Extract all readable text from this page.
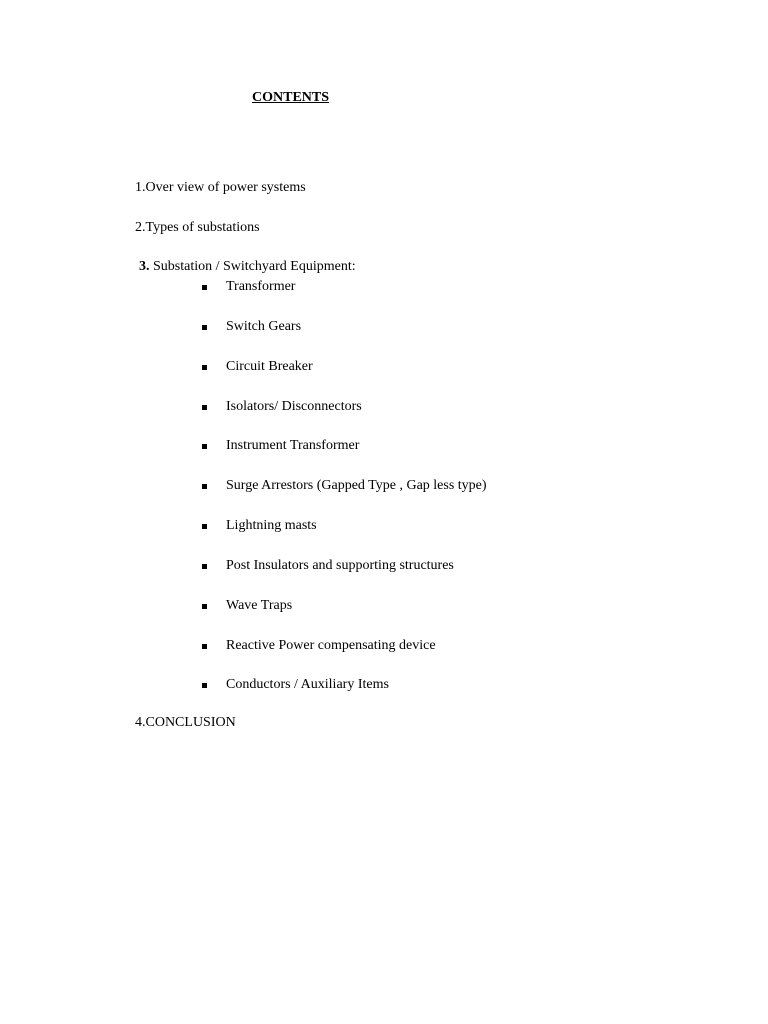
CONTENTS
1.Over view of power systems
2.Types of substations
3. Substation / Switchyard Equipment:
Transformer
Switch Gears
Circuit Breaker
Isolators/ Disconnectors
Instrument Transformer
Surge Arrestors (Gapped Type , Gap less type)
Lightning masts
Post Insulators and supporting structures
Wave Traps
Reactive Power compensating device
Conductors / Auxiliary Items
4.CONCLUSION
